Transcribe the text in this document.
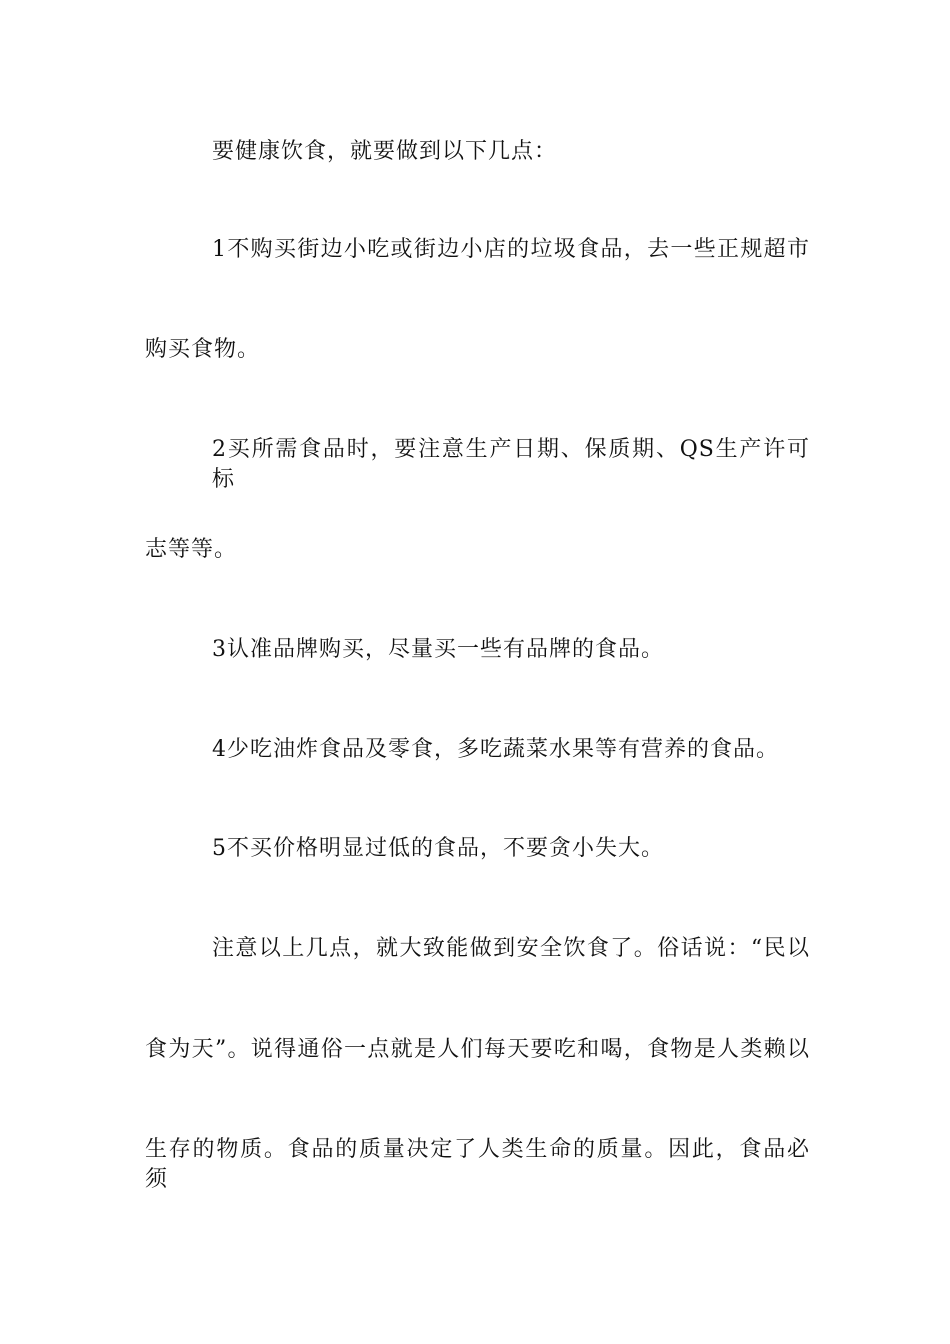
要健康饮食，就要做到以下几点：
1不购买街边小吃或街边小店的垃圾食品，去一些正规超市
购买食物。
2买所需食品时，要注意生产日期、保质期、QS生产许可标
志等等。
3认准品牌购买，尽量买一些有品牌的食品。
4少吃油炸食品及零食，多吃蔬菜水果等有营养的食品。
5不买价格明显过低的食品，不要贪小失大。
注意以上几点，就大致能做到安全饮食了。俗话说：“民以
食为天”。说得通俗一点就是人们每天要吃和喝，食物是人类赖以
生存的物质。食品的质量决定了人类生命的质量。因此，食品必须
